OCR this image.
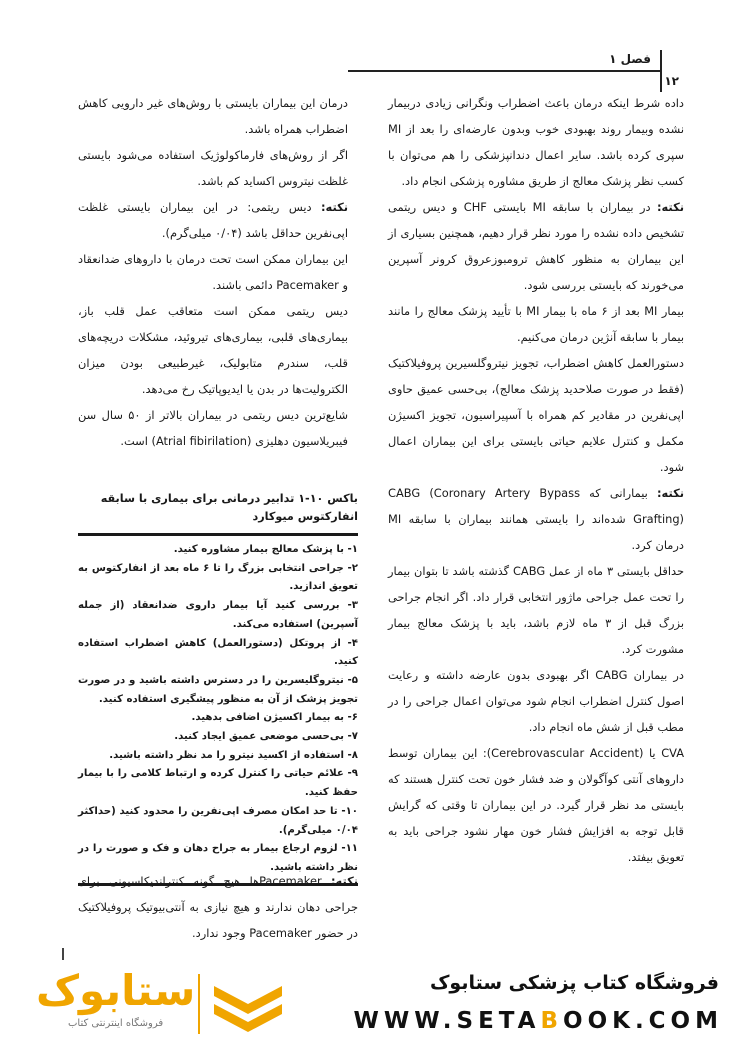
فصل ۱
۱۲

داده شرط اینکه درمان باعث اضطراب ونگرانی زیادی دربیمار نشده وبیمار روند بهبودی خوب وبدون عارضه‌ای را بعد از MI سپری کرده باشد. سایر اعمال دندانپزشکی را هم می‌توان با کسب نظر پزشک معالج از طریق مشاوره پزشکی انجام داد.

نکته: در بیماران با سابقه MI بایستی CHF و دیس ریتمی تشخیص داده نشده را مورد نظر قرار دهیم، همچنین بسیاری از این بیماران به منظور کاهش ترومبوزعروق کرونر آسپرین می‌خورند که بایستی بررسی شود.

بیمار MI بعد از ۶ ماه با بیمار MI با تأیید پزشک معالج را مانند بیمار با سابقه آنژین درمان می‌کنیم.

دستورالعمل کاهش اضطراب، تجویز نیتروگلسیرین پروفیلاکتیک (فقط در صورت صلاحدید پزشک معالج)، بی‌حسی عمیق حاوی اپی‌نفرین در مقادیر کم همراه با آسپیراسیون، تجویز اکسیژن مکمل و کنترل علایم حیاتی بایستی برای این بیماران اعمال شود.

نکته: بیمارانی که CABG (Coronary Artery Bypass Grafting) شده‌اند را بایستی همانند بیماران با سابقه MI درمان کرد.

حداقل بایستی ۳ ماه از عمل CABG گذشته باشد تا بتوان بیمار را تحت عمل جراحی ماژور انتخابی قرار داد. اگر انجام جراحی بزرگ قبل از ۳ ماه لازم باشد، باید با پزشک معالج بیمار مشورت کرد.

در بیماران CABG اگر بهبودی بدون عارضه داشته و رعایت اصول کنترل اضطراب انجام شود می‌توان اعمال جراحی را در مطب قبل از شش ماه انجام داد.

CVA یا (Cerebrovascular Accident): این بیماران توسط داروهای آنتی کوآگولان و ضد فشار خون تحت کنترل هستند که بایستی مد نظر قرار گیرد. در این بیماران تا وقتی که گرایش قابل توجه به افزایش فشار خون مهار نشود جراحی باید به تعویق بیفتد.

درمان این بیماران بایستی با روش‌های غیر دارویی کاهش اضطراب همراه باشد.

اگر از روش‌های فارماکولوژیک استفاده می‌شود بایستی غلظت نیتروس اکساید کم باشد.

نکته: دیس ریتمی: در این بیماران بایستی غلظت اپی‌نفرین حداقل باشد (۰/۰۴ میلی‌گرم).

این بیماران ممکن است تحت درمان با داروهای ضدانعقاد و Pacemaker دائمی باشند.

دیس ریتمی ممکن است متعاقب عمل قلب باز، بیماری‌های قلبی، بیماری‌های تیروئید، مشکلات دریچه‌های قلب، سندرم متابولیک، غیرطبیعی بودن میزان الکترولیت‌ها در بدن یا ایدیوپاتیک رخ می‌دهد.

شایع‌ترین دیس ریتمی در بیماران بالاتر از ۵۰ سال سن فیبریلاسیون دهلیزی (Atrial fibirilation) است.

باکس ۱۰-۱ تدابیر درمانی برای بیماری با سابقه انفارکتوس میوکارد

۱- با پزشک معالج بیمار مشاوره کنید.
۲- جراحی انتخابی بزرگ را تا ۶ ماه بعد از انفارکتوس به تعویق اندازید.
۳- بررسی کنید آیا بیمار داروی ضدانعقاد (از جمله آسپرین) استفاده می‌کند.
۴- از پروتکل (دستورالعمل) کاهش اضطراب استفاده کنید.
۵- نیتروگلیسرین را در دسترس داشته باشید و در صورت تجویز پزشک از آن به منظور پیشگیری استفاده کنید.
۶- به بیمار اکسیژن اضافی بدهید.
۷- بی‌حسی موضعی عمیق ایجاد کنید.
۸- استفاده از اکسید نیترو را مد نظر داشته باشید.
۹- علائم حیاتی را کنترل کرده و ارتباط کلامی را با بیمار حفظ کنید.
۱۰- تا حد امکان مصرف اپی‌نفرین را محدود کنید (حداکثر ۰/۰۴ میلی‌گرم).
۱۱- لزوم ارجاع بیمار به جراح دهان و فک و صورت را در نظر داشته باشید.

نکته: Pacemakerها هیچ گونه کنتراندیکاسیونی برای جراحی دهان ندارند و هیچ نیازی به آنتی‌بیوتیک پروفیلاکتیک در حضور Pacemaker وجود ندارد.

فروشگاه کتاب پزشکی ستابوک
WWW.SETABOOK.COM
ستابوک
فروشگاه اینترنتی کتاب
